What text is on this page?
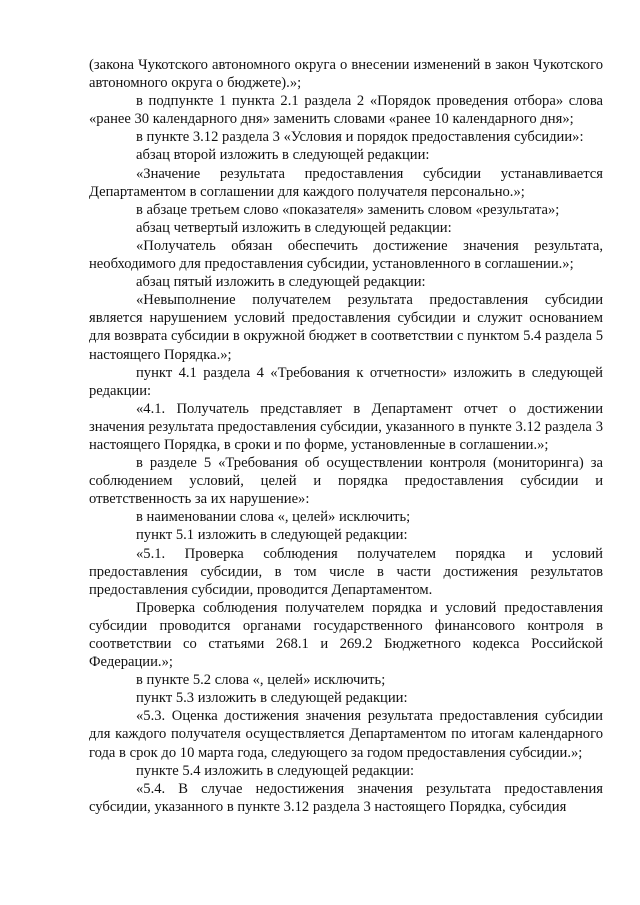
(закона Чукотского автономного округа о внесении изменений в закон Чукотского автономного округа о бюджете).»;

в подпункте 1 пункта 2.1 раздела 2 «Порядок проведения отбора» слова «ранее 30 календарного дня» заменить словами «ранее 10 календарного дня»;

в пункте 3.12 раздела 3 «Условия и порядок предоставления субсидии»:

абзац второй изложить в следующей редакции:

«Значение результата предоставления субсидии устанавливается Департаментом в соглашении для каждого получателя персонально.»;

в абзаце третьем слово «показателя» заменить словом «результата»;

абзац четвертый изложить в следующей редакции:

«Получатель обязан обеспечить достижение значения результата, необходимого для предоставления субсидии, установленного в соглашении.»;

абзац пятый изложить в следующей редакции:

«Невыполнение получателем результата предоставления субсидии является нарушением условий предоставления субсидии и служит основанием для возврата субсидии в окружной бюджет в соответствии с пунктом 5.4 раздела 5 настоящего Порядка.»;

пункт 4.1 раздела 4 «Требования к отчетности» изложить в следующей редакции:

«4.1. Получатель представляет в Департамент отчет о достижении значения результата предоставления субсидии, указанного в пункте 3.12 раздела 3 настоящего Порядка, в сроки и по форме, установленные в соглашении.»;

в разделе 5 «Требования об осуществлении контроля (мониторинга) за соблюдением условий, целей и порядка предоставления субсидии и ответственность за их нарушение»:

в наименовании слова «, целей» исключить;

пункт 5.1 изложить в следующей редакции:

«5.1. Проверка соблюдения получателем порядка и условий предоставления субсидии, в том числе в части достижения результатов предоставления субсидии, проводится Департаментом.

Проверка соблюдения получателем порядка и условий предоставления субсидии проводится органами государственного финансового контроля в соответствии со статьями 268.1 и 269.2 Бюджетного кодекса Российской Федерации.»;

в пункте 5.2 слова «, целей» исключить;

пункт 5.3 изложить в следующей редакции:

«5.3. Оценка достижения значения результата предоставления субсидии для каждого получателя осуществляется Департаментом по итогам календарного года в срок до 10 марта года, следующего за годом предоставления субсидии.»;

пункте 5.4 изложить в следующей редакции:

«5.4. В случае недостижения значения результата предоставления субсидии, указанного в пункте 3.12 раздела 3 настоящего Порядка, субсидия
